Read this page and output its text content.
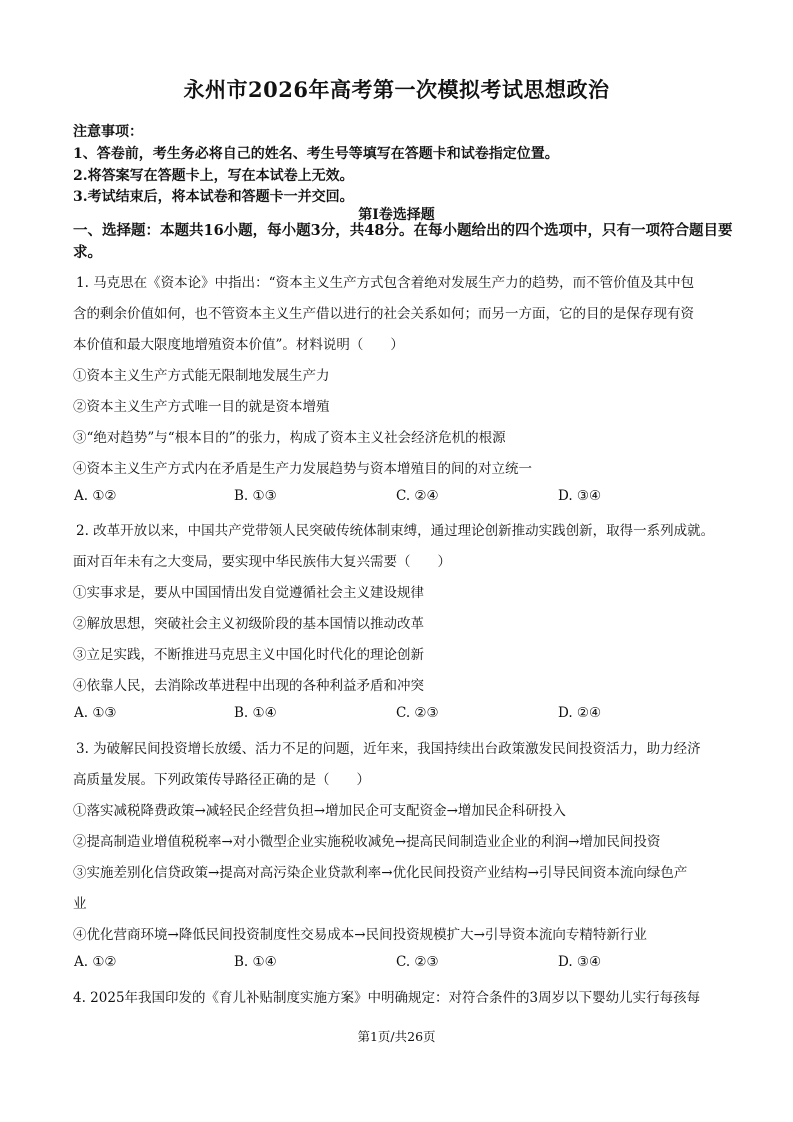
永州市2026年高考第一次模拟考试思想政治
注意事项：
1、答卷前，考生务必将自己的姓名、考生号等填写在答题卡和试卷指定位置。
2.将答案写在答题卡上，写在本试卷上无效。
3.考试结束后，将本试卷和答题卡一并交回。
第Ⅰ卷选择题
一、选择题：本题共16小题，每小题3分，共48分。在每小题给出的四个选项中，只有一项符合题目要求。
1. 马克思在《资本论》中指出：“资本主义生产方式包含着绝对发展生产力的趋势，而不管价值及其中包
含的剩余价值如何，也不管资本主义生产借以进行的社会关系如何；而另一方面，它的目的是保存现有资
本价值和最大限度地增殖资本价值”。材料说明（　　）
①资本主义生产方式能无限制地发展生产力
②资本主义生产方式唯一目的就是资本增殖
③“绝对趋势”与“根本目的”的张力，构成了资本主义社会经济危机的根源
④资本主义生产方式内在矛盾是生产力发展趋势与资本增殖目的间的对立统一
A. ①②	B. ①③	C. ②④	D. ③④
2. 改革开放以来，中国共产党带领人民突破传统体制束缚，通过理论创新推动实践创新，取得一系列成就。
面对百年未有之大变局，要实现中华民族伟大复兴需要（　　）
①实事求是，要从中国国情出发自觉遵循社会主义建设规律
②解放思想，突破社会主义初级阶段的基本国情以推动改革
③立足实践，不断推进马克思主义中国化时代化的理论创新
④依靠人民，去消除改革进程中出现的各种利益矛盾和冲突
A. ①③	B. ①④	C. ②③	D. ②④
3. 为破解民间投资增长放缓、活力不足的问题，近年来，我国持续出台政策激发民间投资活力，助力经济
高质量发展。下列政策传导路径正确的是（　　）
①落实减税降费政策→减轻民企经营负担→增加民企可支配资金→增加民企科研投入
②提高制造业增值税税率→对小微型企业实施税收减免→提高民间制造业企业的利润→增加民间投资
③实施差别化信贷政策→提高对高污染企业贷款利率→优化民间投资产业结构→引导民间资本流向绿色产
业
④优化营商环境→降低民间投资制度性交易成本→民间投资规模扩大→引导资本流向专精特新行业
A. ①②	B. ①④	C. ②③	D. ③④
4. 2025年我国印发的《育儿补贴制度实施方案》中明确规定：对符合条件的3周岁以下婴幼儿实行每孩每
第1页/共26页
